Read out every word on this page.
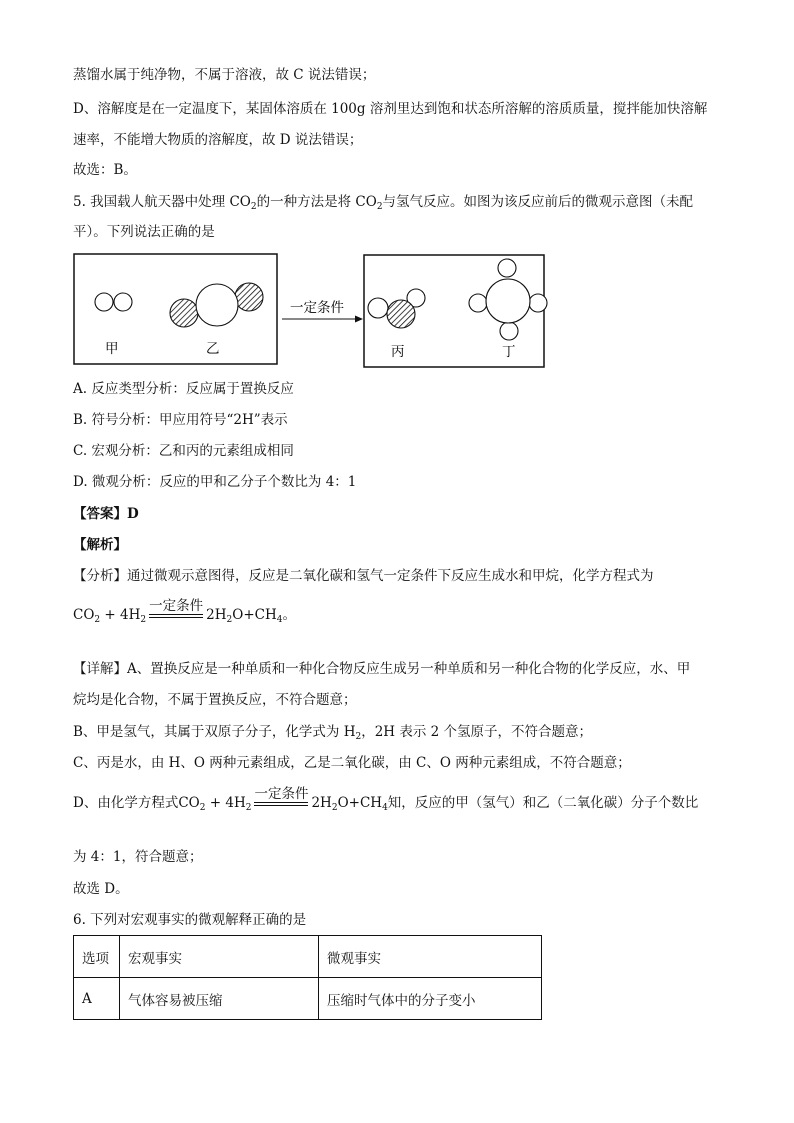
蒸馏水属于纯净物，不属于溶液，故 C 说法错误；
D、溶解度是在一定温度下，某固体溶质在 100g 溶剂里达到饱和状态所溶解的溶质质量，搅拌能加快溶解
速率，不能增大物质的溶解度，故 D 说法错误；
故选：B。
5. 我国载人航天器中处理 $CO_2$的一种方法是将 $CO_2$与氢气反应。如图为该反应前后的微观示意图（未配
平）。下列说法正确的是
甲	乙
一定条件
丙	丁
A. 反应类型分析：反应属于置换反应
B. 符号分析：甲应用符号“2H”表示
C. 宏观分析：乙和丙的元素组成相同
D. 微观分析：反应的甲和乙分子个数比为 4：1
【答案】D
【解析】
【分析】通过微观示意图得，反应是二氧化碳和氢气一定条件下反应生成水和甲烷，化学方程式为
$CO_2 + 4H_2$
一定条件
$2H_2O+CH_4$。
【详解】A、置换反应是一种单质和一种化合物反应生成另一种单质和另一种化合物的化学反应，水、甲
烷均是化合物，不属于置换反应，不符合题意；
B、甲是氢气，其属于双原子分子，化学式为 $H_2$，2H 表示 2 个氢原子，不符合题意；
C、丙是水，由 H、O 两种元素组成，乙是二氧化碳，由 C、O 两种元素组成，不符合题意；
D、由化学方程式$CO_2 + 4H_2$
一定条件
$2H_2O+CH_4$知，反应的甲（氢气）和乙（二氧化碳）分子个数比
为 4：1，符合题意；
故选 D。
6. 下列对宏观事实的微观解释正确的是
选项	宏观事实	微观事实
A	气体容易被压缩	压缩时气体中的分子变小
